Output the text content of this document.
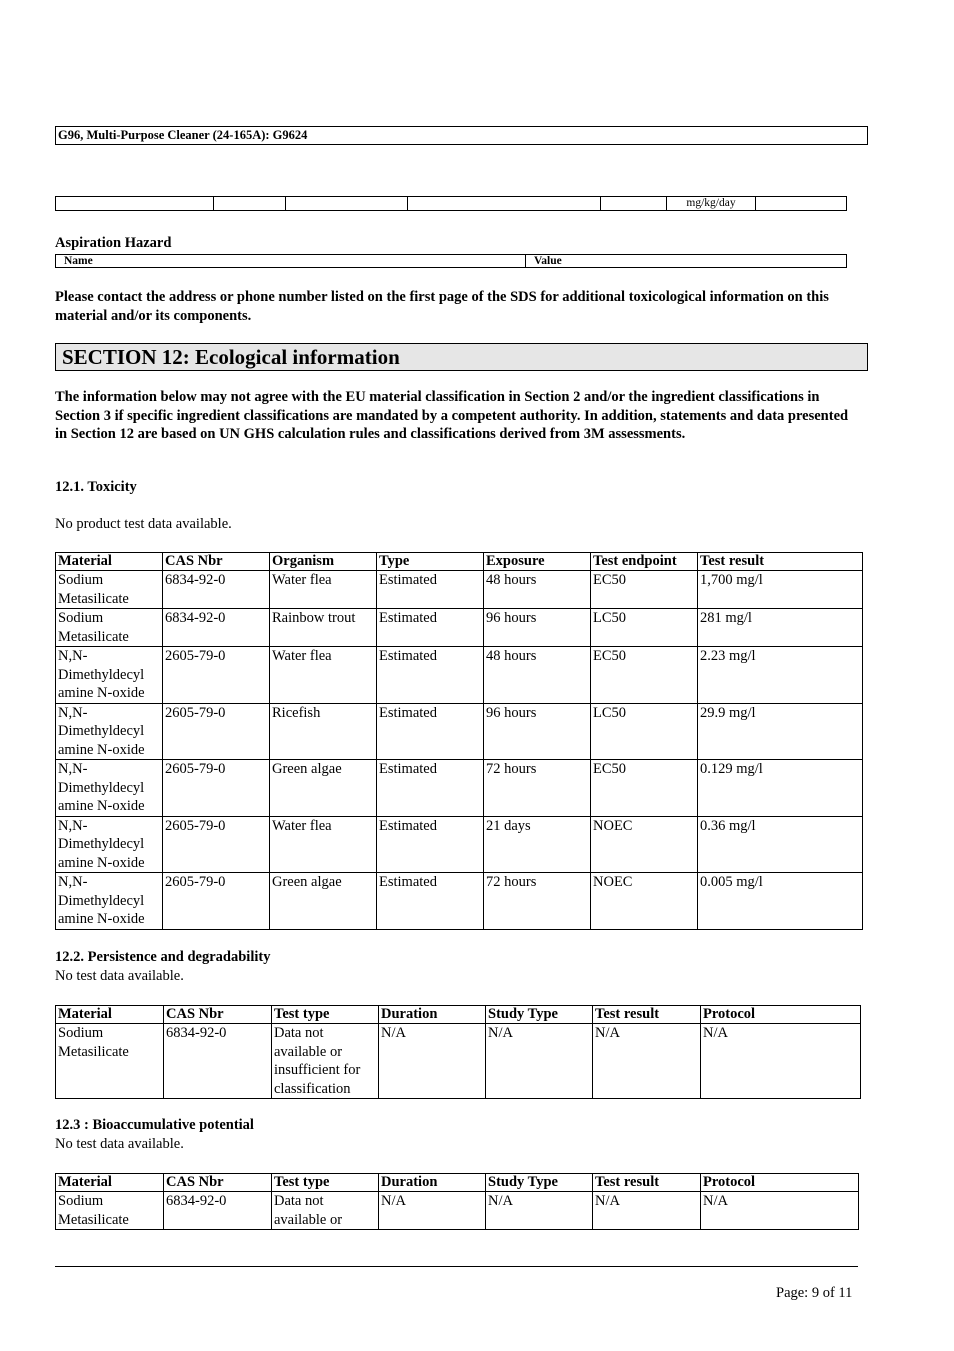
G96, Multi-Purpose Cleaner (24-165A): G9624
					mg/kg/day	
Aspiration Hazard
Name	Value
Please contact the address or phone number listed on the first page of the SDS for additional toxicological information on this material and/or its components.
SECTION 12: Ecological information
The information below may not agree with the EU material classification in Section 2 and/or the ingredient classifications in Section 3 if specific ingredient classifications are mandated by a competent authority. In addition, statements and data presented in Section 12 are based on UN GHS calculation rules and classifications derived from 3M assessments.
12.1. Toxicity
No product test data available.
Material	CAS Nbr	Organism	Type	Exposure	Test endpoint	Test result
Sodium Metasilicate	6834-92-0	Water flea	Estimated	48 hours	EC50	1,700 mg/l
Sodium Metasilicate	6834-92-0	Rainbow trout	Estimated	96 hours	LC50	281 mg/l
N,N-Dimethyldecyl amine N-oxide	2605-79-0	Water flea	Estimated	48 hours	EC50	2.23 mg/l
N,N-Dimethyldecyl amine N-oxide	2605-79-0	Ricefish	Estimated	96 hours	LC50	29.9 mg/l
N,N-Dimethyldecyl amine N-oxide	2605-79-0	Green algae	Estimated	72 hours	EC50	0.129 mg/l
N,N-Dimethyldecyl amine N-oxide	2605-79-0	Water flea	Estimated	21 days	NOEC	0.36 mg/l
N,N-Dimethyldecyl amine N-oxide	2605-79-0	Green algae	Estimated	72 hours	NOEC	0.005 mg/l
12.2. Persistence and degradability
No test data available.
Material	CAS Nbr	Test type	Duration	Study Type	Test result	Protocol
Sodium Metasilicate	6834-92-0	Data not available or insufficient for classification	N/A	N/A	N/A	N/A
12.3 : Bioaccumulative potential
No test data available.
Material	CAS Nbr	Test type	Duration	Study Type	Test result	Protocol
Sodium Metasilicate	6834-92-0	Data not available or	N/A	N/A	N/A	N/A
Page: 9 of 11
